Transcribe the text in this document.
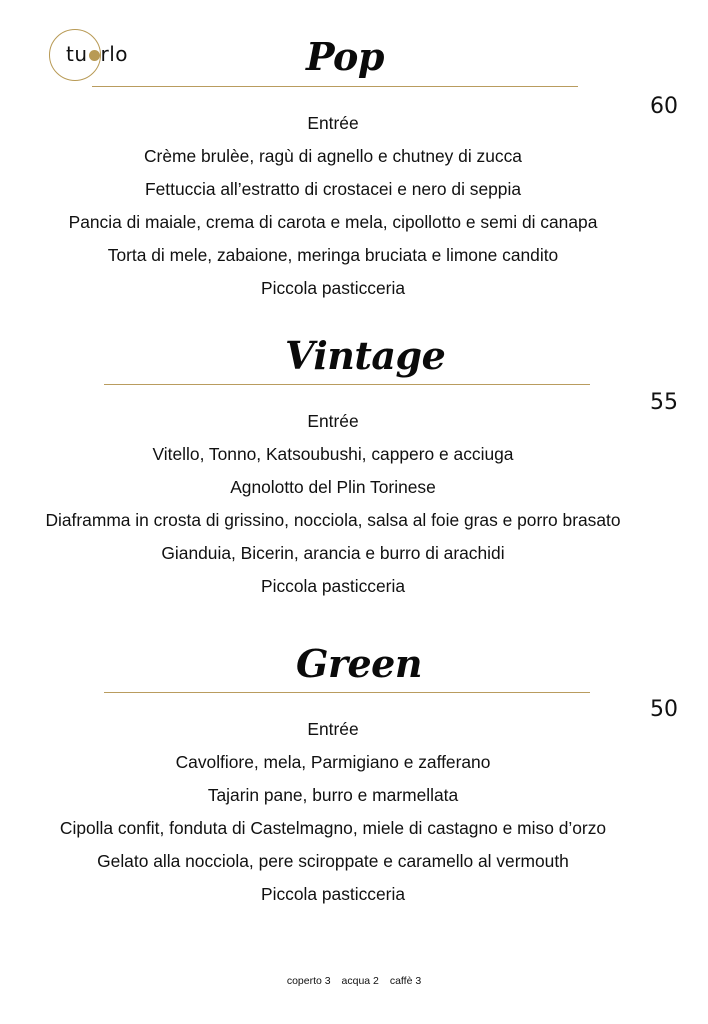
tu rlo	Pop
60
Entrée
Crème brulèe, ragù di agnello e chutney di zucca
Fettuccia all’estratto di crostacei e nero di seppia
Pancia di maiale, crema di carota e mela, cipollotto e semi di canapa
Torta di mele, zabaione, meringa bruciata e limone candito
Piccola pasticceria
Vintage
55
Entrée
Vitello, Tonno, Katsoubushi, cappero e acciuga
Agnolotto del Plin Torinese
Diaframma in crosta di grissino, nocciola, salsa al foie gras e porro brasato
Gianduia, Bicerin, arancia e burro di arachidi
Piccola pasticceria
Green
50
Entrée
Cavolfiore, mela, Parmigiano e zafferano
Tajarin pane, burro e marmellata
Cipolla confit, fonduta di Castelmagno, miele di castagno e miso d’orzo
Gelato alla nocciola, pere sciroppate e caramello al vermouth
Piccola pasticceria
coperto 3 acqua 2 caffè 3
